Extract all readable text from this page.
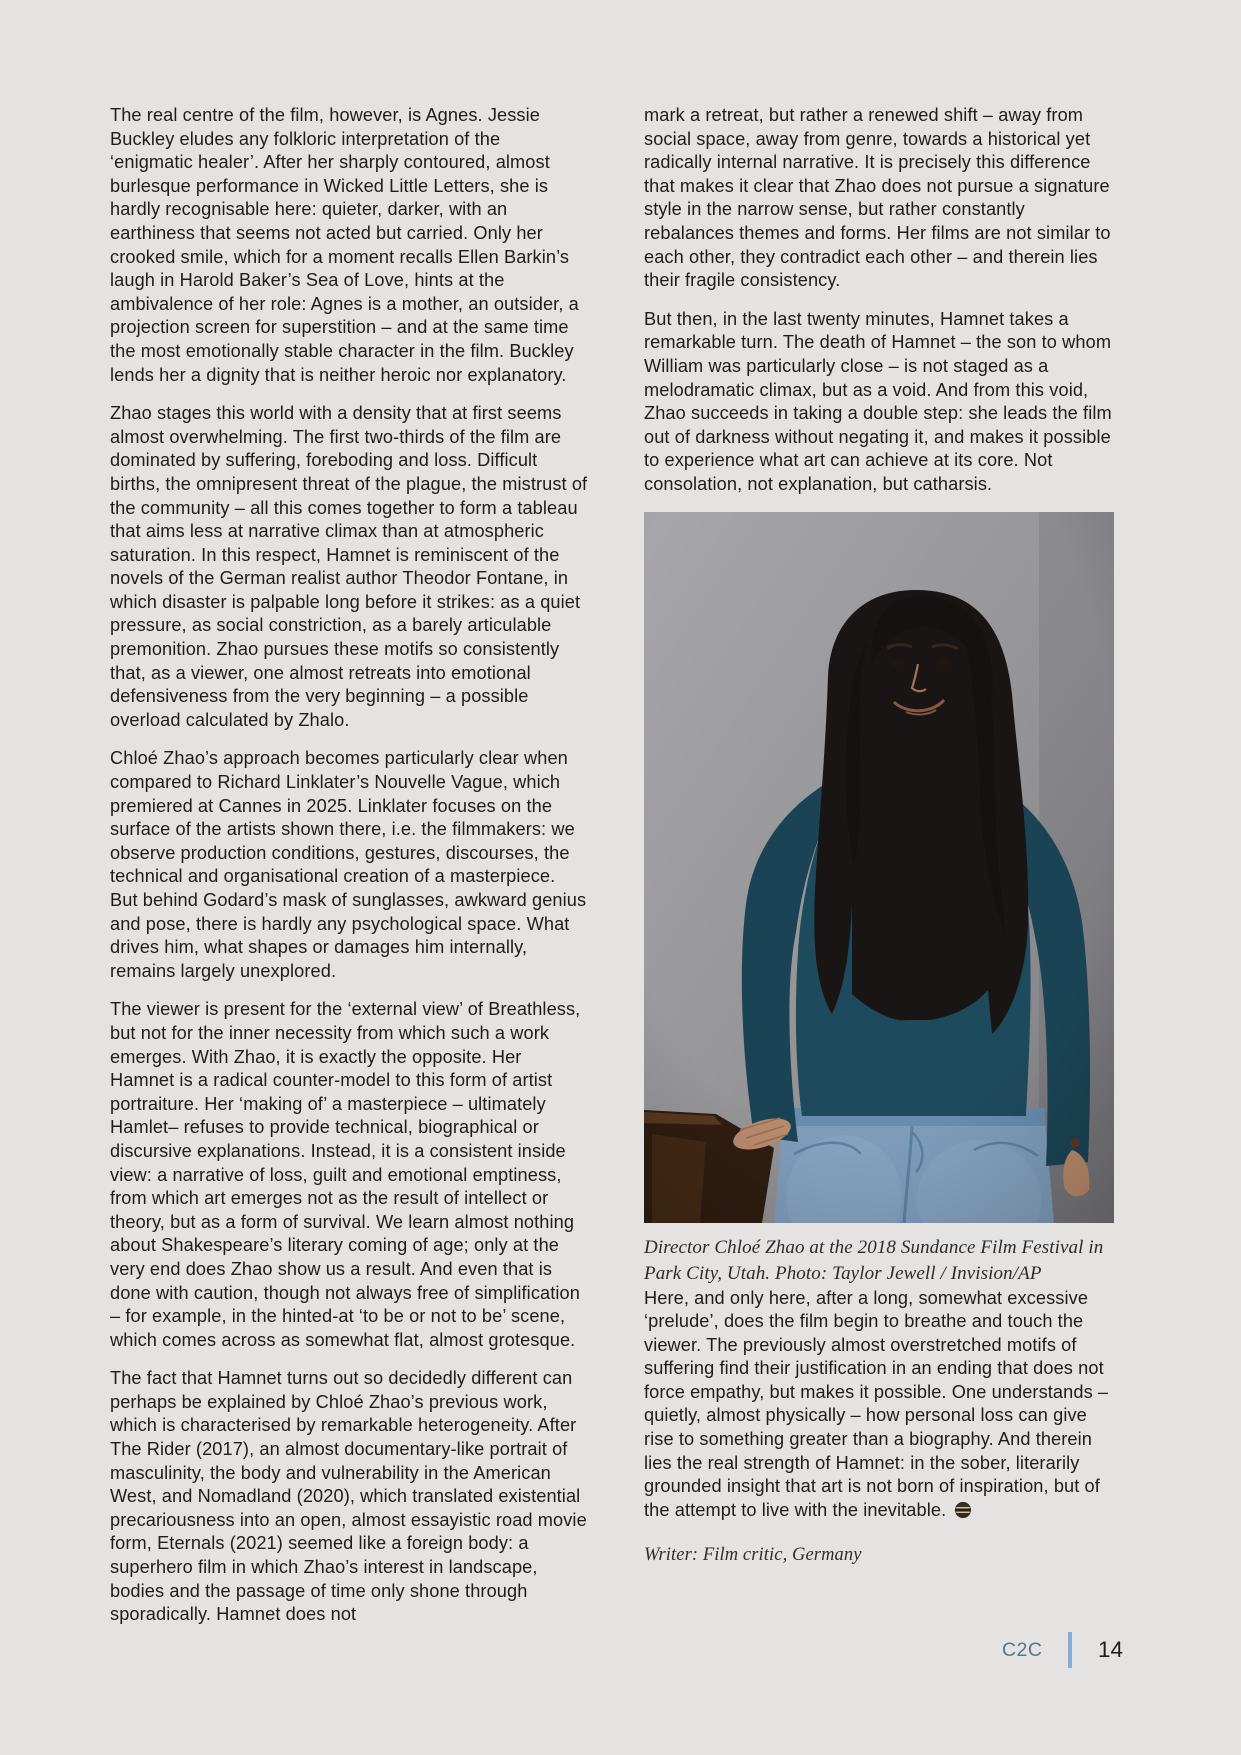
The real centre of the film, however, is Agnes. Jessie Buckley eludes any folkloric interpretation of the ‘enigmatic healer’. After her sharply contoured, almost burlesque performance in Wicked Little Letters, she is hardly recognisable here: quieter, darker, with an earthiness that seems not acted but carried. Only her crooked smile, which for a moment recalls Ellen Barkin’s laugh in Harold Baker’s Sea of Love, hints at the ambivalence of her role: Agnes is a mother, an outsider, a projection screen for superstition – and at the same time the most emotionally stable character in the film. Buckley lends her a dignity that is neither heroic nor explanatory.

Zhao stages this world with a density that at first seems almost overwhelming. The first two-thirds of the film are dominated by suffering, foreboding and loss. Difficult births, the omnipresent threat of the plague, the mistrust of the community – all this comes together to form a tableau that aims less at narrative climax than at atmospheric saturation. In this respect, Hamnet is reminiscent of the novels of the German realist author Theodor Fontane, in which disaster is palpable long before it strikes: as a quiet pressure, as social constriction, as a barely articulable premonition. Zhao pursues these motifs so consistently that, as a viewer, one almost retreats into emotional defensiveness from the very beginning – a possible overload calculated by Zhalo.

Chloé Zhao’s approach becomes particularly clear when compared to Richard Linklater’s Nouvelle Vague, which premiered at Cannes in 2025. Linklater focuses on the surface of the artists shown there, i.e. the filmmakers: we observe production conditions, gestures, discourses, the technical and organisational creation of a masterpiece. But behind Godard’s mask of sunglasses, awkward genius and pose, there is hardly any psychological space. What drives him, what shapes or damages him internally, remains largely unexplored.

The viewer is present for the ‘external view’ of Breathless, but not for the inner necessity from which such a work emerges. With Zhao, it is exactly the opposite. Her Hamnet is a radical counter-model to this form of artist portraiture. Her ‘making of’ a masterpiece – ultimately Hamlet– refuses to provide technical, biographical or discursive explanations. Instead, it is a consistent inside view: a narrative of loss, guilt and emotional emptiness, from which art emerges not as the result of intellect or theory, but as a form of survival. We learn almost nothing about Shakespeare’s literary coming of age; only at the very end does Zhao show us a result. And even that is done with caution, though not always free of simplification – for example, in the hinted-at ‘to be or not to be’ scene, which comes across as somewhat flat, almost grotesque.

The fact that Hamnet turns out so decidedly different can perhaps be explained by Chloé Zhao’s previous work, which is characterised by remarkable heterogeneity. After The Rider (2017), an almost documentary-like portrait of masculinity, the body and vulnerability in the American West, and Nomadland (2020), which translated existential precariousness into an open, almost essayistic road movie form, Eternals (2021) seemed like a foreign body: a superhero film in which Zhao’s interest in landscape, bodies and the passage of time only shone through sporadically. Hamnet does not

mark a retreat, but rather a renewed shift – away from social space, away from genre, towards a historical yet radically internal narrative. It is precisely this difference that makes it clear that Zhao does not pursue a signature style in the narrow sense, but rather constantly rebalances themes and forms. Her films are not similar to each other, they contradict each other – and therein lies their fragile consistency.

But then, in the last twenty minutes, Hamnet takes a remarkable turn. The death of Hamnet – the son to whom William was particularly close – is not staged as a melodramatic climax, but as a void. And from this void, Zhao succeeds in taking a double step: she leads the film out of darkness without negating it, and makes it possible to experience what art can achieve at its core. Not consolation, not explanation, but catharsis.

Director Chloé Zhao at the 2018 Sundance Film Festival in Park City, Utah. Photo: Taylor Jewell / Invision/AP

Here, and only here, after a long, somewhat excessive ‘prelude’, does the film begin to breathe and touch the viewer. The previously almost overstretched motifs of suffering find their justification in an ending that does not force empathy, but makes it possible. One understands – quietly, almost physically – how personal loss can give rise to something greater than a biography. And therein lies the real strength of Hamnet: in the sober, literarily grounded insight that art is not born of inspiration, but of the attempt to live with the inevitable.

Writer: Film critic, Germany

C2C 14
